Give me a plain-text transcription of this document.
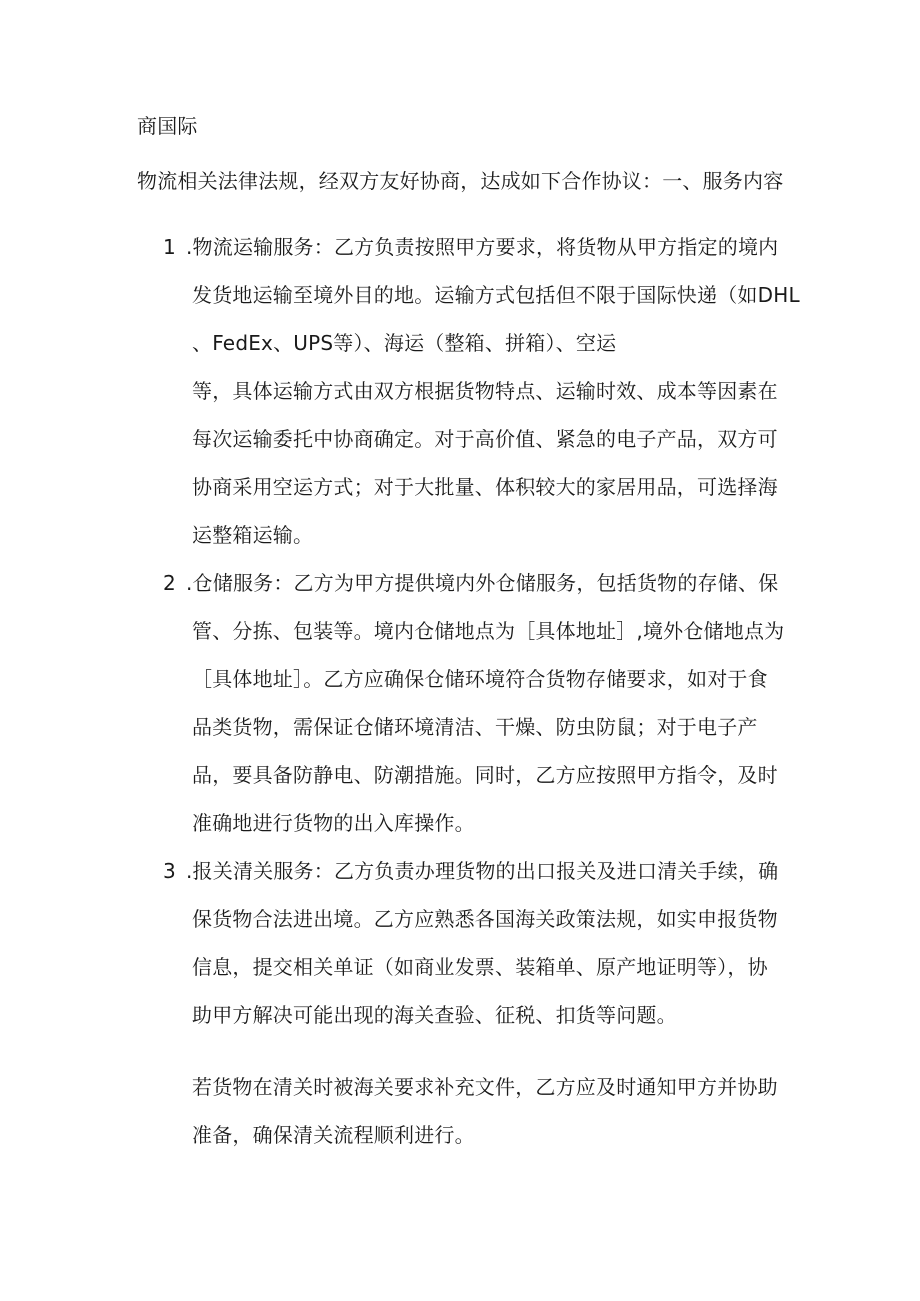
商国际
物流相关法律法规，经双方友好协商，达成如下合作协议：一、服务内容
1 .物流运输服务：乙方负责按照甲方要求，将货物从甲方指定的境内
发货地运输至境外目的地。运输方式包括但不限于国际快递（如DHL
、FedEx、UPS等）、海运（整箱、拼箱）、空运
等，具体运输方式由双方根据货物特点、运输时效、成本等因素在
每次运输委托中协商确定。对于高价值、紧急的电子产品，双方可
协商采用空运方式；对于大批量、体积较大的家居用品，可选择海
运整箱运输。
2 .仓储服务：乙方为甲方提供境内外仓储服务，包括货物的存储、保
管、分拣、包装等。境内仓储地点为［具体地址］,境外仓储地点为
［具体地址］。乙方应确保仓储环境符合货物存储要求，如对于食
品类货物，需保证仓储环境清洁、干燥、防虫防鼠；对于电子产
品，要具备防静电、防潮措施。同时，乙方应按照甲方指令，及时
准确地进行货物的出入库操作。
3 .报关清关服务：乙方负责办理货物的出口报关及进口清关手续，确
保货物合法进出境。乙方应熟悉各国海关政策法规，如实申报货物
信息，提交相关单证（如商业发票、装箱单、原产地证明等），协
助甲方解决可能出现的海关查验、征税、扣货等问题。
若货物在清关时被海关要求补充文件，乙方应及时通知甲方并协助
准备，确保清关流程顺利进行。
